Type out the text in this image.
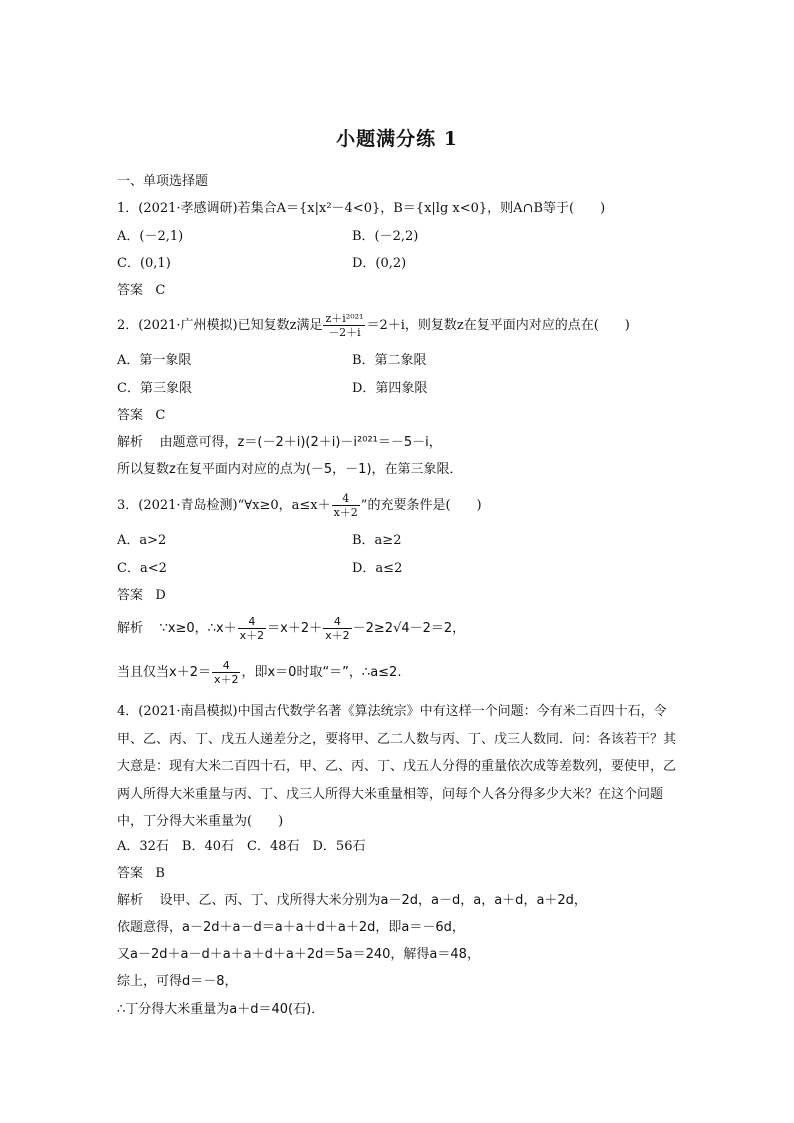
小题满分练 1
一、单项选择题
1．(2021·孝感调研)若集合A＝{x|x²－4<0}，B＝{x|lg x<0}，则A∩B等于(　　)
A．(－2,1)	B．(－2,2)
C．(0,1)	D．(0,2)
答案 C
2．(2021·广州模拟)已知复数z满足 $\frac{\text{z＋i²⁰²¹}}{-2+i} =2+i$，则复数z在复平面内对应的点在(　　)
A．第一象限	B．第二象限
C．第三象限	D．第四象限
答案 C
解析 由题意可得，z＝(－2＋i)(2＋i)－i²⁰²¹＝－5－i，
所以复数z在复平面内对应的点为(－5，－1)，在第三象限．
3．(2021·青岛检测)“∀x≥0，$a\le x+ \frac{4}{x+2}$ ”的充要条件是(　　)
A．a>2	B．a≥2
C．a<2	D．a≤2
答案 D
解析 ∵x≥0，∴x＋ $\frac{4}{x+2} =x+2+ \frac{4}{x+2} -2\ge 2√4-2=2$，
当且仅当$x+2= \frac{4}{x+2}$ ，即x＝0时取“＝”，∴a≤2.
4．(2021·南昌模拟)中国古代数学名著《算法统宗》中有这样一个问题：今有米二百四十石，令甲、乙、丙、丁、戊五人递差分之，要将甲、乙二人数与丙、丁、戊三人数同．问：各该若干？其大意是：现有大米二百四十石，甲、乙、丙、丁、戊五人分得的重量依次成等差数列，要使甲，乙两人所得大米重量与丙、丁、戊三人所得大米重量相等，问每个人各分得多少大米？在这个问题中，丁分得大米重量为(　　)
A．32石　B．40石　C．48石　D．56石
答案 B
解析 设甲、乙、丙、丁、戊所得大米分别为a－2d，a－d，a，a＋d，a＋2d，
依题意得，a－2d＋a－d＝a＋a＋d＋a＋2d，即a＝－6d，
又a－2d＋a－d＋a＋a＋d＋a＋2d＝5a＝240，解得a＝48，
综上，可得d＝－8，
∴丁分得大米重量为a＋d＝40(石)．
